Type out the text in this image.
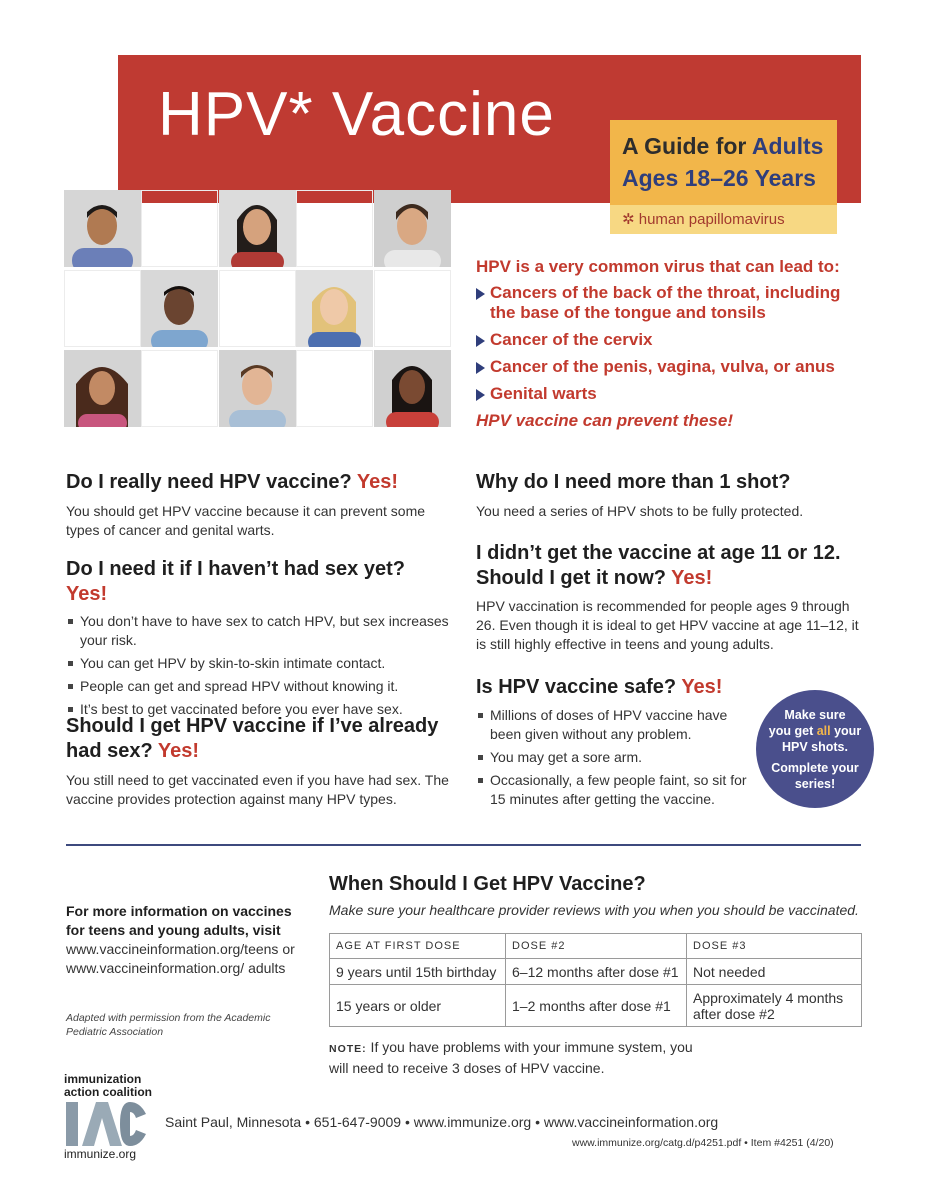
HPV* Vaccine	A Guide for Adults
Ages 18–26 Years
✲ human papillomavirus
HPV is a very common virus that can lead to:
Cancers of the back of the throat, including the base of the tongue and tonsils
Cancer of the cervix
Cancer of the penis, vagina, vulva, or anus
Genital warts
HPV vaccine can prevent these!
Do I really need HPV vaccine? Yes!
You should get HPV vaccine because it can prevent some types of cancer and genital warts.
Do I need it if I haven’t had sex yet? Yes!
You don’t have to have sex to catch HPV, but sex increases your risk.
You can get HPV by skin-to-skin intimate contact.
People can get and spread HPV without knowing it.
It’s best to get vaccinated before you ever have sex.
Should I get HPV vaccine if I’ve already had sex? Yes!
You still need to get vaccinated even if you have had sex. The vaccine provides protection against many HPV types.
Why do I need more than 1 shot?
You need a series of HPV shots to be fully protected.
I didn’t get the vaccine at age 11 or 12. Should I get it now? Yes!
HPV vaccination is recommended for people ages 9 through 26. Even though it is ideal to get HPV vaccine at age 11–12, it is still highly effective in teens and young adults.
Is HPV vaccine safe? Yes!
Millions of doses of HPV vaccine have been given without any problem.
You may get a sore arm.
Occasionally, a few people faint, so sit for 15 minutes after getting the vaccine.
Make sure
you get all your
HPV shots.
Complete your
series!
For more information on vaccines for teens and young adults, visit
www.vaccineinformation.org/teens or www.vaccineinformation.org/ adults
Adapted with permission from the Academic Pediatric Association
When Should I Get HPV Vaccine?
Make sure your healthcare provider reviews with you when you should be vaccinated.
AGE AT FIRST DOSE	DOSE #2	DOSE #3
9 years until 15th birthday	6–12 months after dose #1	Not needed
15 years or older	1–2 months after dose #1	Approximately 4 months after dose #2
NOTE: If you have problems with your immune system, you will need to receive 3 doses of HPV vaccine.
immunization
action coalition
immunize.org
Saint Paul, Minnesota • 651-647-9009 • www.immunize.org • www.vaccineinformation.org
www.immunize.org/catg.d/p4251.pdf • Item #4251 (4/20)
